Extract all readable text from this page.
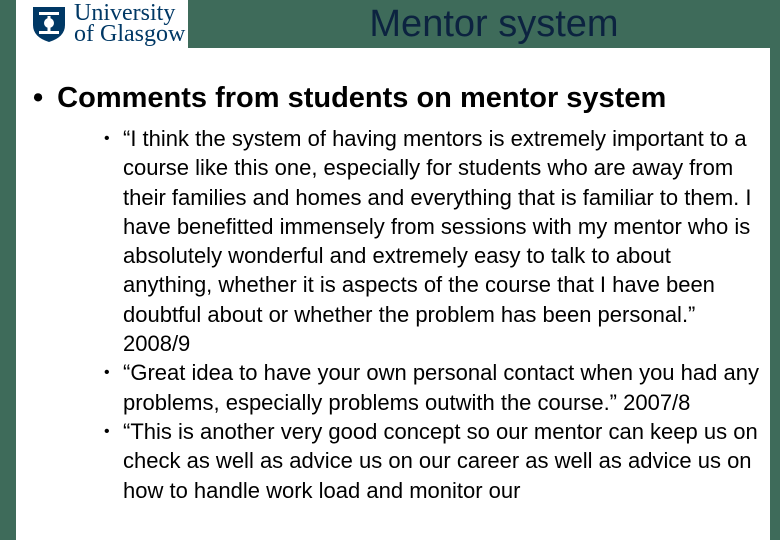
University
of Glasgow	Mentor system
• Comments from students on mentor system
• “I think the system of having mentors is extremely important to a course like this one, especially for students who are away from their families and homes and everything that is familiar to them. I have benefitted immensely from sessions with my mentor who is absolutely wonderful and extremely easy to talk to about anything, whether it is aspects of the course that I have been doubtful about or whether the problem has been personal.” 2008/9
• “Great idea to have your own personal contact when you had any problems, especially problems outwith the course.” 2007/8
• “This is another very good concept so our mentor can keep us on check as well as advice us on our career as well as advice us on how to handle work load and monitor our
